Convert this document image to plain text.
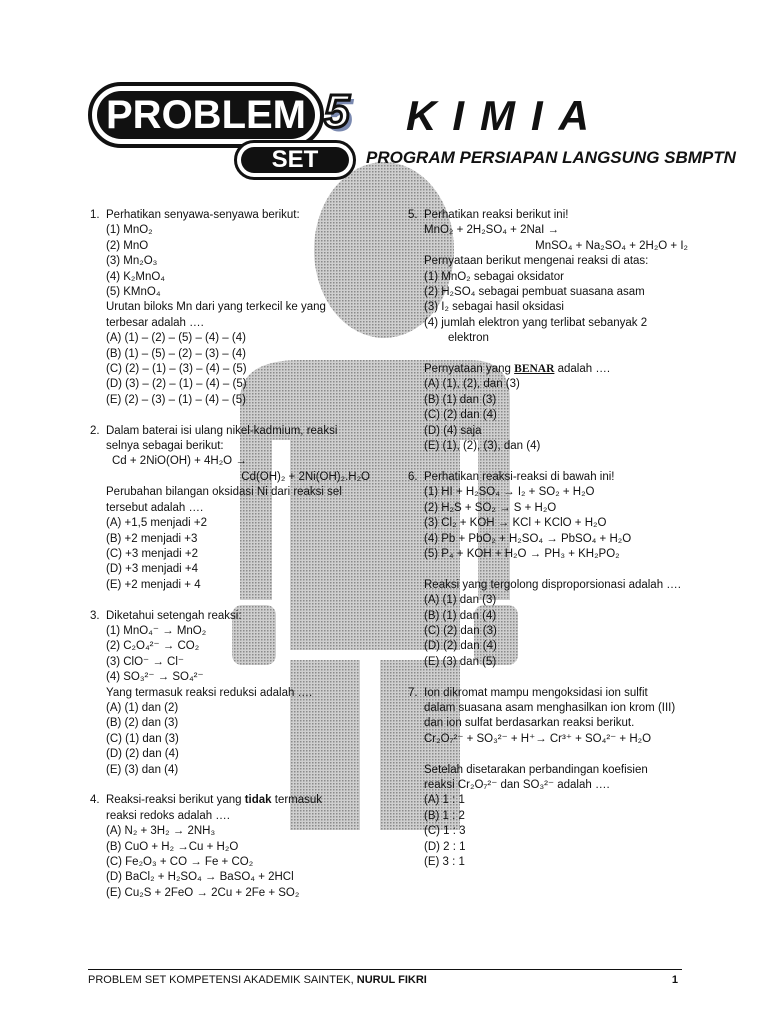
PROBLEM
SET
5 KIMIA
PROGRAM PERSIAPAN LANGSUNG SBMPTN
1. Perhatikan senyawa-senyawa berikut:
(1) MnO₂
(2) MnO
(3) Mn₂O₃
(4) K₂MnO₄
(5) KMnO₄
Urutan biloks Mn dari yang terkecil ke yang
terbesar adalah ….
(A) (1) – (2) – (5) – (4) – (4)
(B) (1) – (5) – (2) – (3) – (4)
(C) (2) – (1) – (3) – (4) – (5)
(D) (3) – (2) – (1) – (4) – (5)
(E) (2) – (3) – (1) – (4) – (5)
2. Dalam baterai isi ulang nikel-kadmium, reaksi
selnya sebagai berikut:
Cd + 2NiO(OH) + 4H₂O →
Cd(OH)₂ + 2Ni(OH)₂.H₂O
Perubahan bilangan oksidasi Ni dari reaksi sel
tersebut adalah ….
(A) +1,5 menjadi +2
(B) +2 menjadi +3
(C) +3 menjadi +2
(D) +3 menjadi +4
(E) +2 menjadi + 4
3. Diketahui setengah reaksi:
(1) MnO₄⁻ → MnO₂
(2) C₂O₄²⁻ → CO₂
(3) ClO⁻ → Cl⁻
(4) SO₃²⁻ → SO₄²⁻
Yang termasuk reaksi reduksi adalah ….
(A) (1) dan (2)
(B) (2) dan (3)
(C) (1) dan (3)
(D) (2) dan (4)
(E) (3) dan (4)
4. Reaksi-reaksi berikut yang tidak termasuk
reaksi redoks adalah ….
(A) N₂ + 3H₂ → 2NH₃
(B) CuO + H₂ →Cu + H₂O
(C) Fe₂O₃ + CO → Fe + CO₂
(D) BaCl₂ + H₂SO₄ → BaSO₄ + 2HCl
(E) Cu₂S + 2FeO → 2Cu + 2Fe + SO₂
5. Perhatikan reaksi berikut ini!
MnO₂ + 2H₂SO₄ + 2NaI →
MnSO₄ + Na₂SO₄ + 2H₂O + I₂
Pernyataan berikut mengenai reaksi di atas:
(1) MnO₂ sebagai oksidator
(2) H₂SO₄ sebagai pembuat suasana asam
(3) I₂ sebagai hasil oksidasi
(4) jumlah elektron yang terlibat sebanyak 2
elektron
Pernyataan yang BENAR adalah ….
(A) (1), (2), dan (3)
(B) (1) dan (3)
(C) (2) dan (4)
(D) (4) saja
(E) (1), (2), (3), dan (4)
6. Perhatikan reaksi-reaksi di bawah ini!
(1) HI + H₂SO₄ → I₂ + SO₂ + H₂O
(2) H₂S + SO₂ → S + H₂O
(3) Cl₂ + KOH → KCl + KClO + H₂O
(4) Pb + PbO₂ + H₂SO₄ → PbSO₄ + H₂O
(5) P₄ + KOH + H₂O → PH₃ + KH₂PO₂
Reaksi yang tergolong disproporsionasi adalah ….
(A) (1) dan (3)
(B) (1) dan (4)
(C) (2) dan (3)
(D) (2) dan (4)
(E) (3) dan (5)
7. Ion dikromat mampu mengoksidasi ion sulfit
dalam suasana asam menghasilkan ion krom (III)
dan ion sulfat berdasarkan reaksi berikut.
Cr₂O₇²⁻ + SO₃²⁻ + H⁺→ Cr³⁺ + SO₄²⁻ + H₂O
Setelah disetarakan perbandingan koefisien
reaksi Cr₂O₇²⁻ dan SO₃²⁻ adalah ….
(A) 1 : 1
(B) 1 : 2
(C) 1 : 3
(D) 2 : 1
(E) 3 : 1
PROBLEM SET KOMPETENSI AKADEMIK SAINTEK, NURUL FIKRI	1
